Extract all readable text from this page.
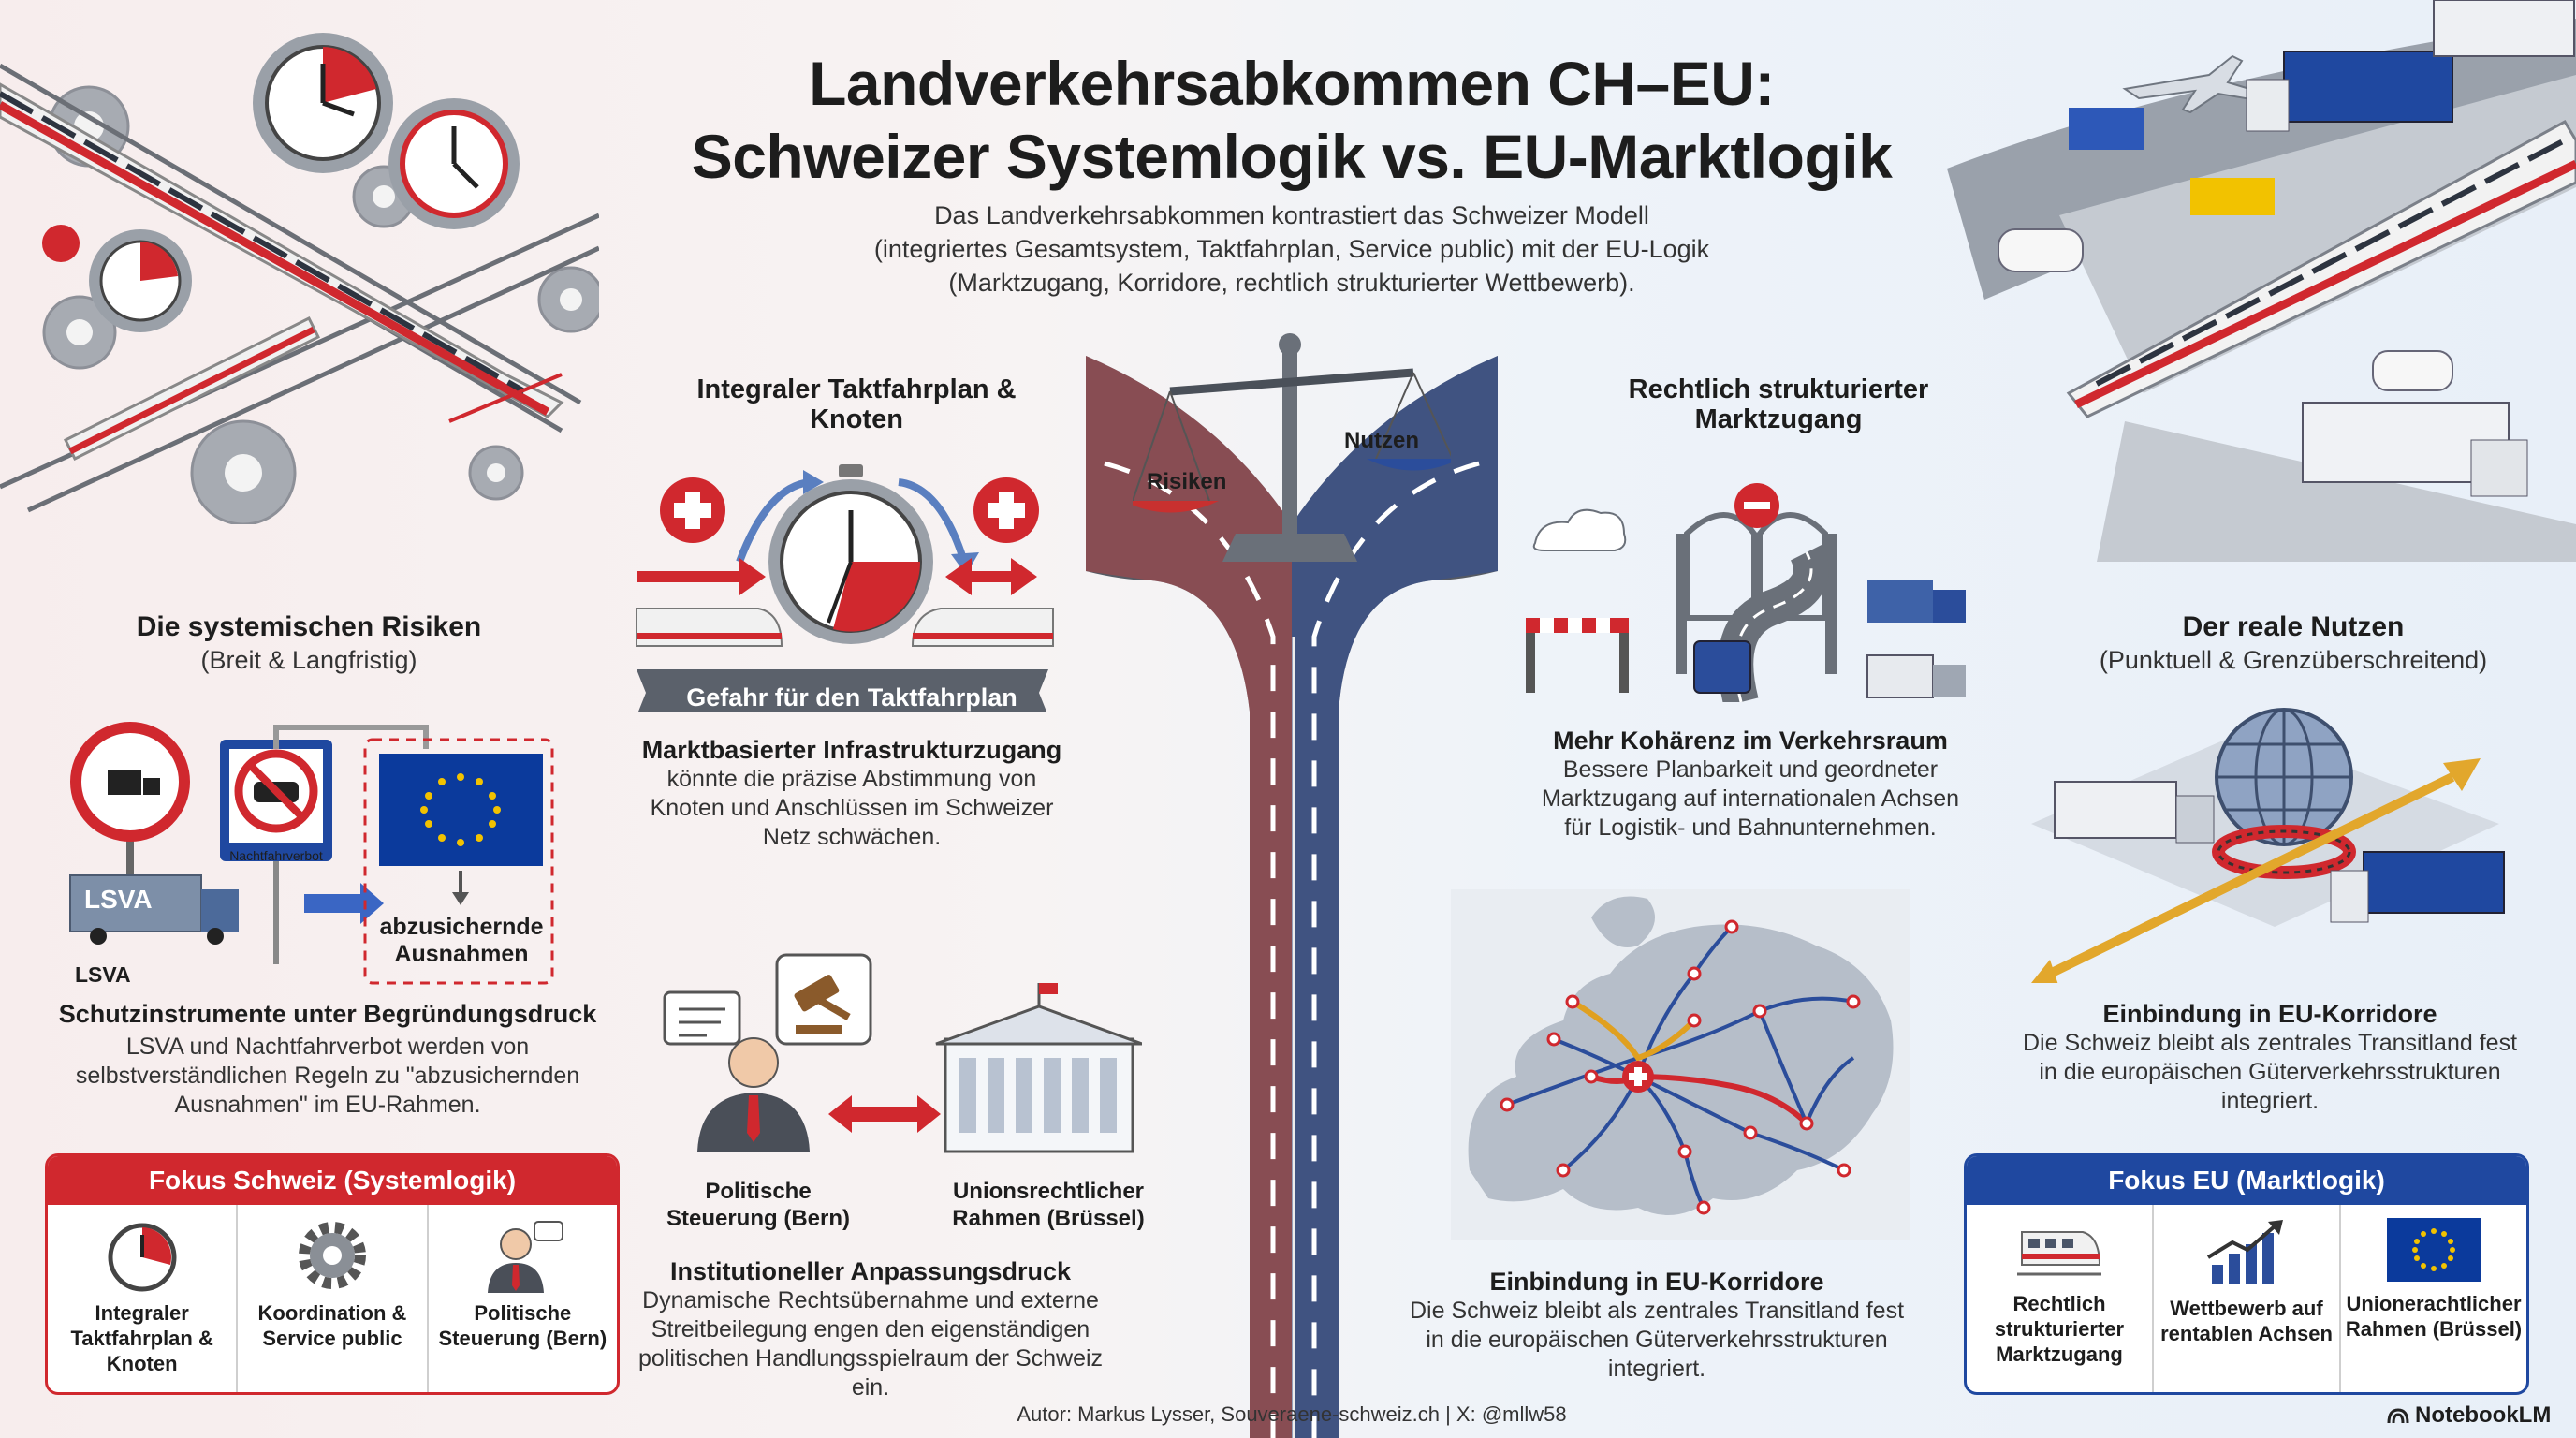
Landverkehrsabkommen CH–EU:
Schweizer Systemlogik vs. EU-Marktlogik
Das Landverkehrsabkommen kontrastiert das Schweizer Modell
(integriertes Gesamtsystem, Taktfahrplan, Service public) mit der EU-Logik
(Marktzugang, Korridore, rechtlich strukturierter Wettbewerb).
Risiken
Nutzen
Die systemischen Risiken
(Breit & Langfristig)
Nachtfahrverbot
LSVA
LSVA
abzusichernde Ausnahmen
Schutzinstrumente unter Begründungsdruck
LSVA und Nachtfahrverbot werden von selbstverständlichen Regeln zu "abzusichernden Ausnahmen" im EU-Rahmen.
Fokus Schweiz (Systemlogik)
Integraler Taktfahrplan & Knoten
Koordination & Service public
Politische Steuerung (Bern)
Integraler Taktfahrplan & Knoten
Gefahr für den Taktfahrplan
Marktbasierter Infrastrukturzugang
könnte die präzise Abstimmung von Knoten und Anschlüssen im Schweizer Netz schwächen.
Politische
Steuerung (Bern)
Unionsrechtlicher
Rahmen (Brüssel)
Institutioneller Anpassungsdruck
Dynamische Rechtsübernahme und externe Streitbeilegung engen den eigenständigen politischen Handlungsspielraum der Schweiz ein.
Rechtlich strukturierter Marktzugang
Mehr Kohärenz im Verkehrsraum
Bessere Planbarkeit und geordneter Marktzugang auf internationalen Achsen für Logistik- und Bahnunternehmen.
Einbindung in EU-Korridore
Die Schweiz bleibt als zentrales Transitland fest in die europäischen Güterverkehrsstrukturen integriert.
Der reale Nutzen
(Punktuell & Grenzüberschreitend)
Einbindung in EU-Korridore
Die Schweiz bleibt als zentrales Transitland fest in die europäischen Güterverkehrsstrukturen integriert.
Fokus EU (Marktlogik)
Rechtlich strukturierter Marktzugang
Wettbewerb auf rentablen Achsen
Unionerachtlicher Rahmen (Brüssel)
Autor: Markus Lysser, Souveraene-schweiz.ch | X: @mllw58	NotebookLM
